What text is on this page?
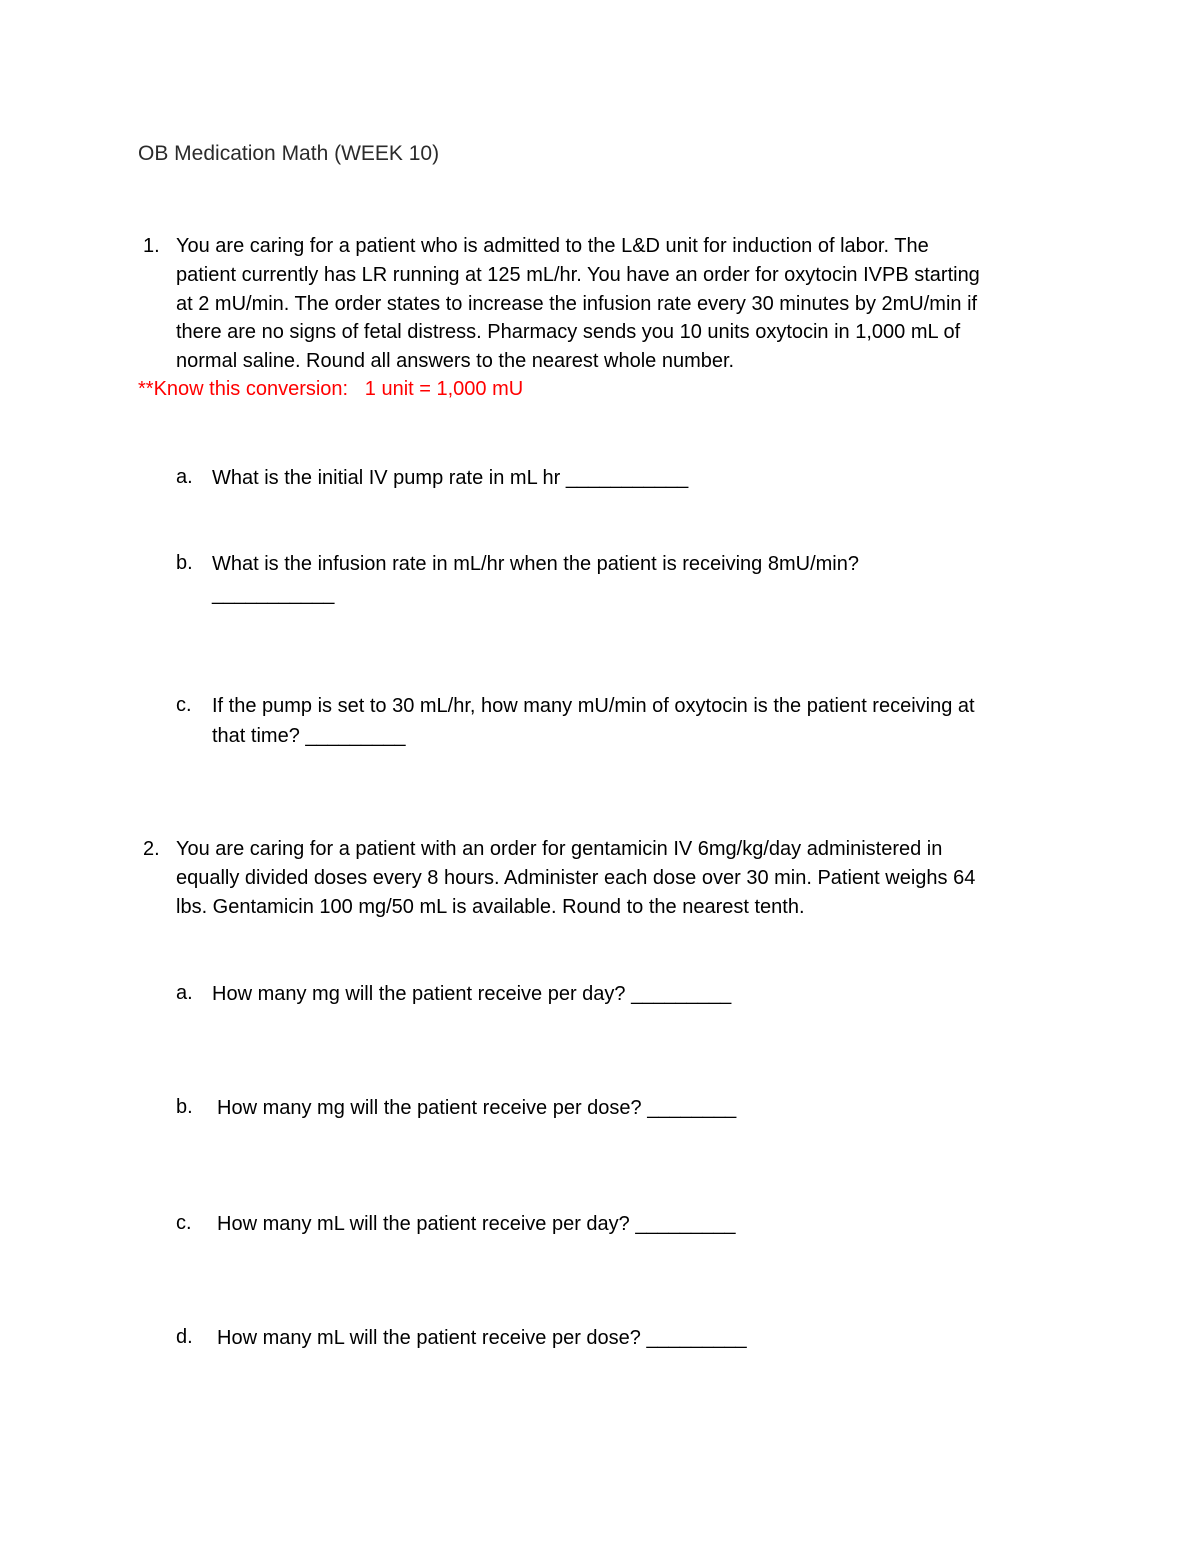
OB Medication Math (WEEK 10)
1. You are caring for a patient who is admitted to the L&D unit for induction of labor. The
patient currently has LR running at 125 mL/hr. You have an order for oxytocin IVPB starting
at 2 mU/min. The order states to increase the infusion rate every 30 minutes by 2mU/min if
there are no signs of fetal distress. Pharmacy sends you 10 units oxytocin in 1,000 mL of
normal saline. Round all answers to the nearest whole number.
**Know this conversion:   1 unit = 1,000 mU
a. What is the initial IV pump rate in mL hr ___________
b. What is the infusion rate in mL/hr when the patient is receiving 8mU/min?
___________
c. If the pump is set to 30 mL/hr, how many mU/min of oxytocin is the patient receiving at
that time? _________
2. You are caring for a patient with an order for gentamicin IV 6mg/kg/day administered in
equally divided doses every 8 hours. Administer each dose over 30 min. Patient weighs 64
lbs. Gentamicin 100 mg/50 mL is available. Round to the nearest tenth.
a. How many mg will the patient receive per day? _________
b. How many mg will the patient receive per dose? ________
c. How many mL will the patient receive per day? _________
d. How many mL will the patient receive per dose? _________
